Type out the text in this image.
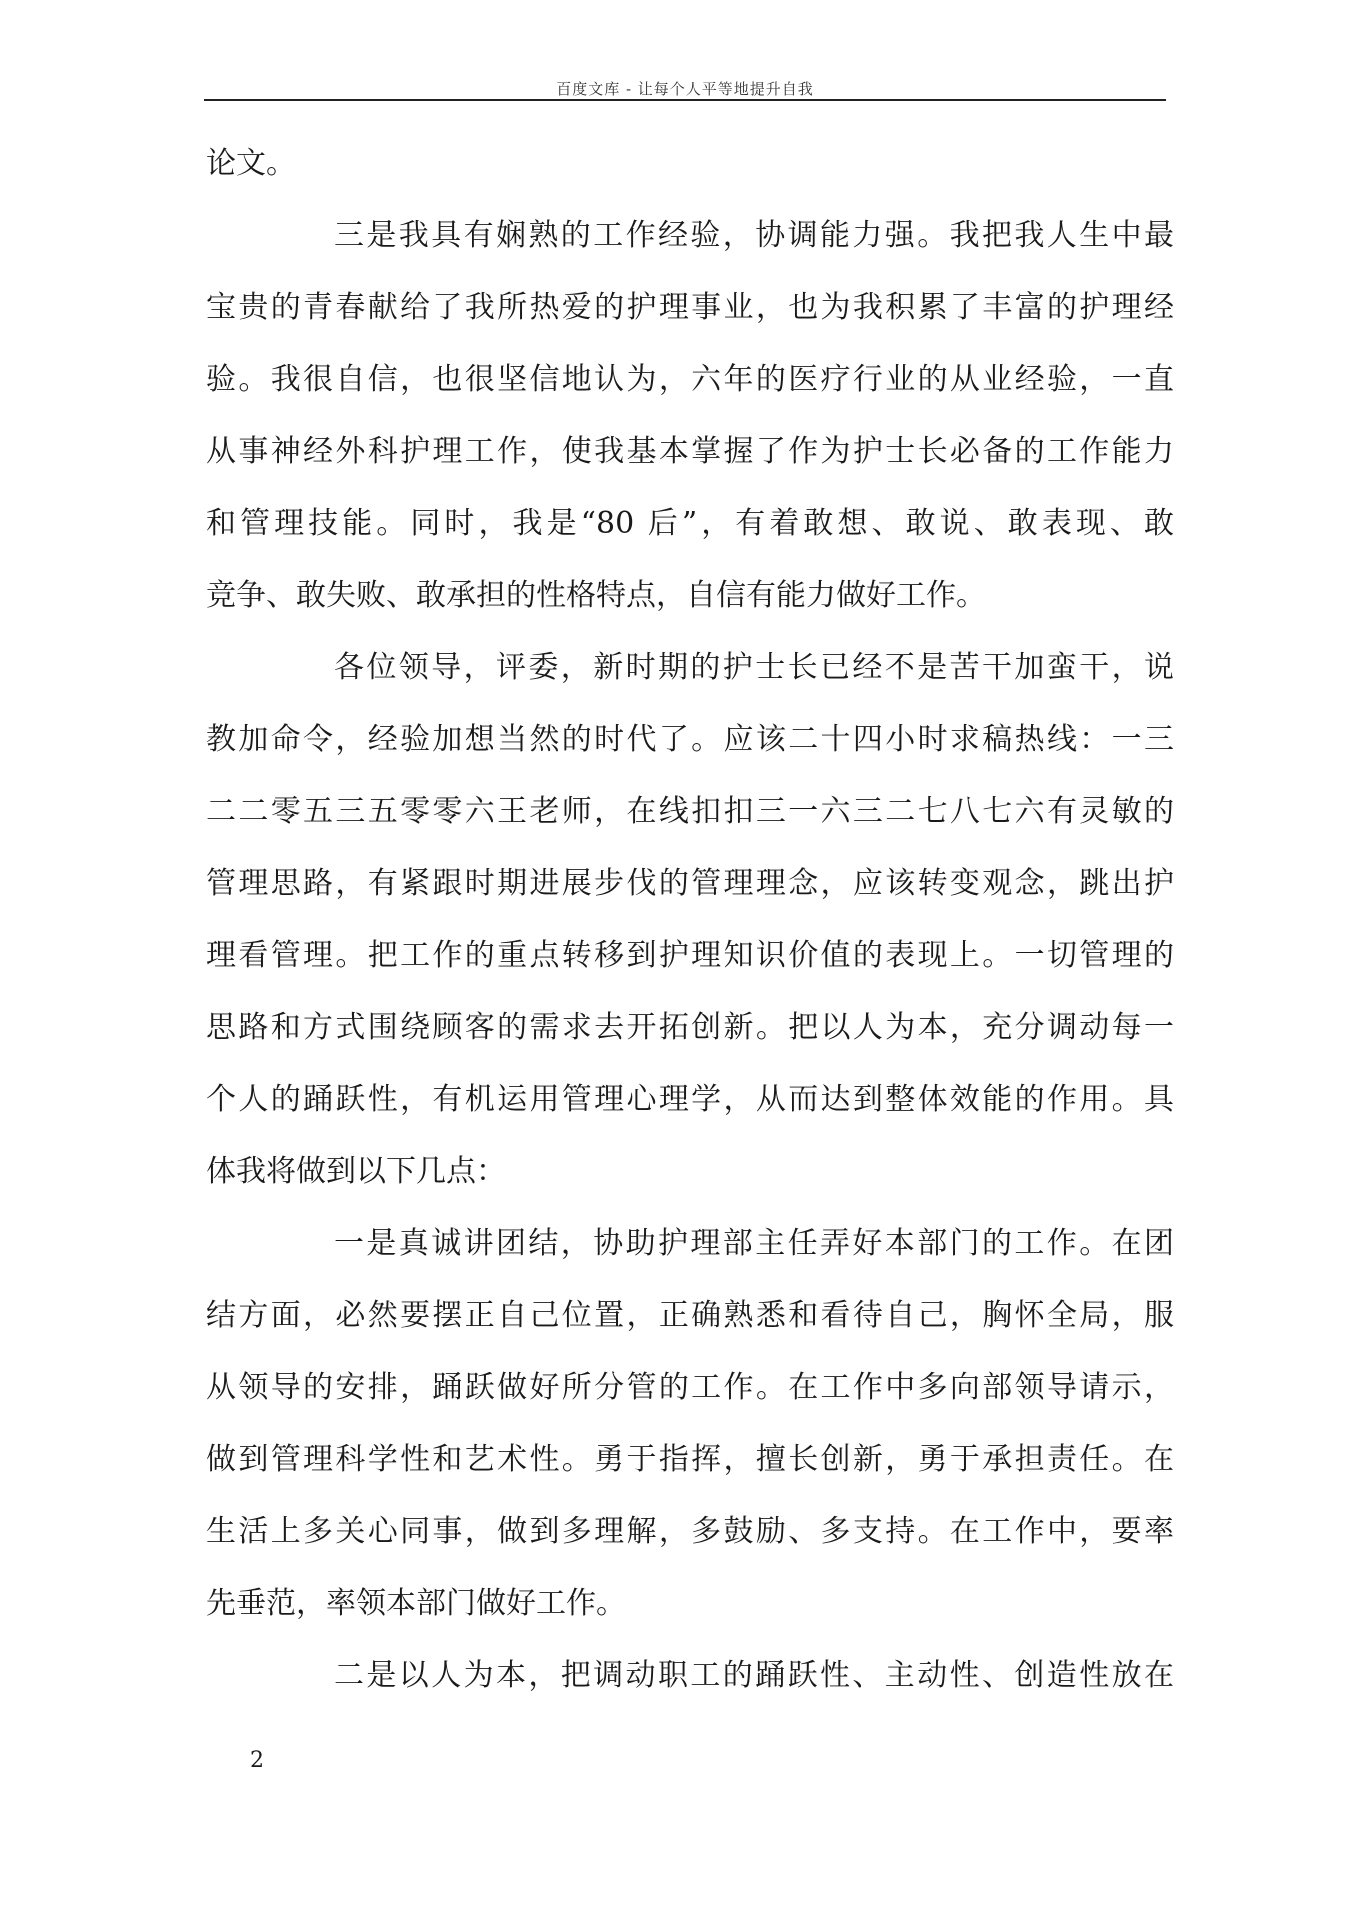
百度文库 - 让每个人平等地提升自我
论文。
三是我具有娴熟的工作经验，协调能力强。我把我人生中最
宝贵的青春献给了我所热爱的护理事业，也为我积累了丰富的护理经
验。我很自信，也很坚信地认为，六年的医疗行业的从业经验，一直
从事神经外科护理工作，使我基本掌握了作为护士长必备的工作能力
和管理技能。同时，我是“80 后”，有着敢想、敢说、敢表现、敢
竞争、敢失败、敢承担的性格特点，自信有能力做好工作。
各位领导，评委，新时期的护士长已经不是苦干加蛮干，说
教加命令，经验加想当然的时代了。应该二十四小时求稿热线：一三
二二零五三五零零六王老师，在线扣扣三一六三二七八七六有灵敏的
管理思路，有紧跟时期进展步伐的管理理念，应该转变观念，跳出护
理看管理。把工作的重点转移到护理知识价值的表现上。一切管理的
思路和方式围绕顾客的需求去开拓创新。把以人为本，充分调动每一
个人的踊跃性，有机运用管理心理学，从而达到整体效能的作用。具
体我将做到以下几点：
一是真诚讲团结，协助护理部主任弄好本部门的工作。在团
结方面，必然要摆正自己位置，正确熟悉和看待自己，胸怀全局，服
从领导的安排，踊跃做好所分管的工作。在工作中多向部领导请示，
做到管理科学性和艺术性。勇于指挥，擅长创新，勇于承担责任。在
生活上多关心同事，做到多理解，多鼓励、多支持。在工作中，要率
先垂范，率领本部门做好工作。
二是以人为本，把调动职工的踊跃性、主动性、创造性放在
2
